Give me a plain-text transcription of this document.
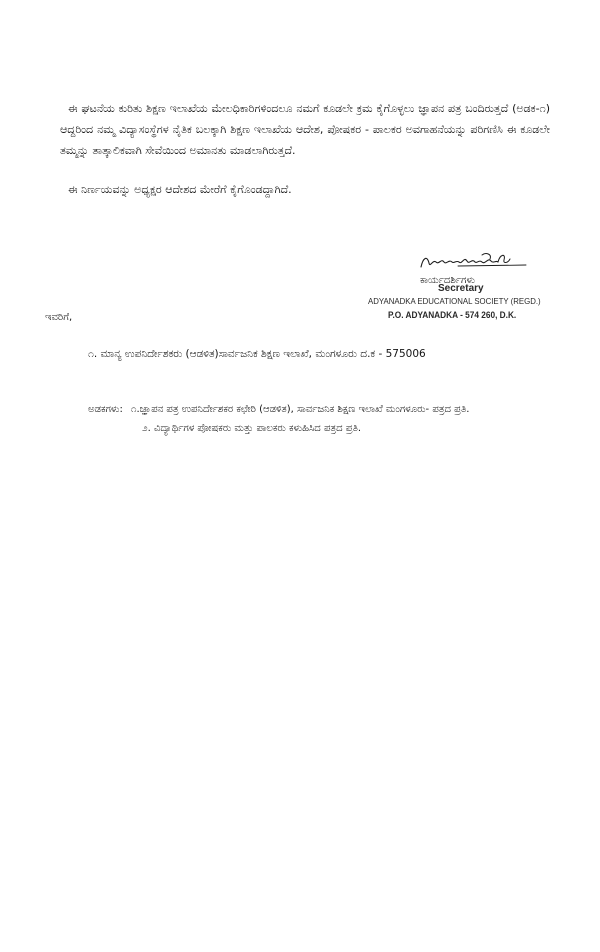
ಈ ಘಟನೆಯ ಕುರಿತು ಶಿಕ್ಷಣ ಇಲಾಖೆಯ ಮೇಲಧಿಕಾರಿಗಳಿಂದಲೂ ನಮಗೆ ಕೂಡಲೇ ಕ್ರಮ ಕೈಗೊಳ್ಳಲು ಜ್ಞಾಪನ ಪತ್ರ ಬಂದಿರುತ್ತದೆ (ಅಡಕ-೧) ಆದ್ದರಿಂದ ನಮ್ಮ ವಿದ್ಯಾಸಂಸ್ಥೆಗಳ ನೈತಿಕ ಬಲಕ್ಕಾಗಿ ಶಿಕ್ಷಣ ಇಲಾಖೆಯ ಆದೇಶ, ಪೋಷಕರ - ಪಾಲಕರ ಅವಗಾಹನೆಯನ್ನು ಪರಿಗಣಿಸಿ ಈ ಕೂಡಲೇ ತಮ್ಮನ್ನು ತಾತ್ಕಾಲಿಕವಾಗಿ ಸೇವೆಯಿಂದ ಅಮಾನತು ಮಾಡಲಾಗಿರುತ್ತದೆ.

ಈ ನಿರ್ಣಯವನ್ನು ಅಧ್ಯಕ್ಷರ ಆದೇಶದ ಮೇರೆಗೆ ಕೈಗೊಂಡದ್ದಾಗಿದೆ.

ಕಾರ್ಯದರ್ಶಿಗಳು
Secretary
ADYANADKA EDUCATIONAL SOCIETY (REGD.)
P.O. ADYANADKA - 574 260, D.K.
ಇವರಿಗೆ,
೧. ಮಾನ್ಯ ಉಪನಿರ್ದೇಶಕರು (ಆಡಳಿತ)ಸಾರ್ವಜನಿಕ ಶಿಕ್ಷಣ ಇಲಾಖೆ, ಮಂಗಳೂರು ದ.ಕ - 575006

ಅಡಕಗಳು: ೧.ಜ್ಞಾಪನ ಪತ್ರ ಉಪನಿರ್ದೇಶಕರ ಕಛೇರಿ (ಆಡಳಿತ), ಸಾರ್ವಜನಿಕ ಶಿಕ್ಷಣ ಇಲಾಖೆ ಮಂಗಳೂರು- ಪತ್ರದ ಪ್ರತಿ.

೨. ವಿದ್ಯಾರ್ಥಿಗಳ ಪೋಷಕರು ಮತ್ತು ಪಾಲಕರು ಕಳುಹಿಸಿದ ಪತ್ರದ ಪ್ರತಿ.
